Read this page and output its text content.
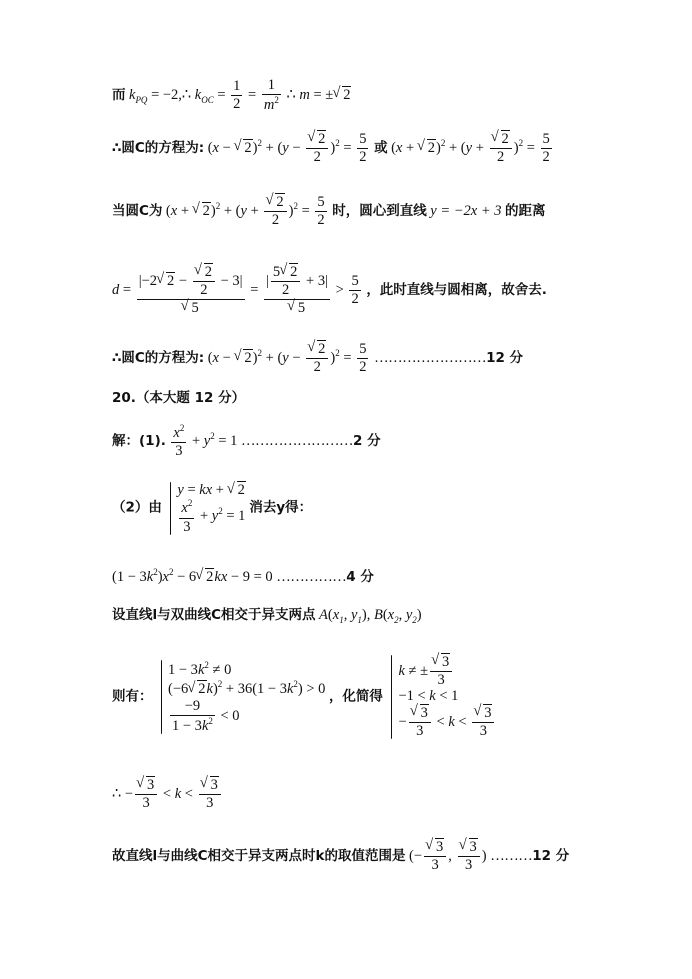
而 $k_{PQ}$ = −2,∴ $k_{OC} = \frac{1}{2} = \frac{1}{m^2}$ ∴ m = ±√ 2
∴圆C的方程为: (x − √ 2)$^2$ + (y −
√ $\frac{2}{2} )^2 = \frac{5}{2}$ 或 (x + √ 2)$^2$ + (y +
√ $\frac{2}{2} )^2 = \frac{5}{2}$
当圆C为 (x + √ 2)$^2$ + (y +
√ $\frac{2}{2} )^2 = \frac{5}{2}$ 时，圆心到直线 y = −2x + 3 的距离
d = |−2√ 2 −
√ $\frac{2}{2} - 3|$
√ 5 = | $\frac{5√ 2}{2} + 3|$
√ $5 > \frac{5}{2}$ ，此时直线与圆相离，故舍去.
∴圆C的方程为: (x − √ 2)$^2$ + (y −
√ $\frac{2}{2} )^2 = \frac{5}{2}$ ……………………12 分
20.（本大题 12 分）
解：(1). $\frac{x^2}{3} + y^2 = 1$ ……………………2 分
（2）由
y = kx + √ 2
$\frac{x^2}{3} + y^2 = 1$
消去y得：
$(1 - 3k^2)x^2 - 6√$ 2kx − 9 = 0 ……………4 分
设直线l与双曲线C相交于异支两点 $A(x_1$, $y_1$), $B(x_2$, $y_2$)
则有：
$1 - 3k^2 \ne 0$
(−6√ $2k)^2 + 36(1 - 3k^2) > 0$
$\frac{-9}{1 - 3k^2} < 0$
，化简得
k ≠ ±
√ $\frac{3}{3}$
−1 < k < 1
−
√ $\frac{3}{3} < k$ <
√ $\frac{3}{3}$
∴ −
√ $\frac{3}{3} < k$ <
√ $\frac{3}{3}$
故直线l与曲线C相交于异支两点时k的取值范围是 (−
√ $\frac{3}{3}$ ,
√ $\frac{3}{3}$ ) ………12 分
